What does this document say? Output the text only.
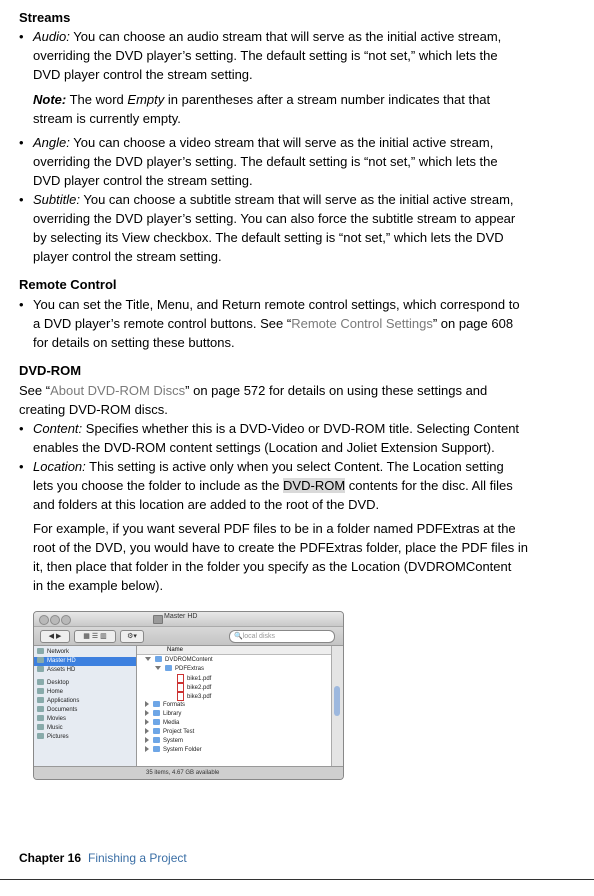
Streams
• Audio: You can choose an audio stream that will serve as the initial active stream,
overriding the DVD player’s setting. The default setting is “not set,” which lets the
DVD player control the stream setting.
Note: The word Empty in parentheses after a stream number indicates that that
stream is currently empty.
• Angle: You can choose a video stream that will serve as the initial active stream,
overriding the DVD player’s setting. The default setting is “not set,” which lets the
DVD player control the stream setting.
• Subtitle: You can choose a subtitle stream that will serve as the initial active stream,
overriding the DVD player’s setting. You can also force the subtitle stream to appear
by selecting its View checkbox. The default setting is “not set,” which lets the DVD
player control the stream setting.
Remote Control
• You can set the Title, Menu, and Return remote control settings, which correspond to
a DVD player’s remote control buttons. See “Remote Control Settings” on page 608
for details on setting these buttons.
DVD-ROM
See “About DVD-ROM Discs” on page 572 for details on using these settings and
creating DVD-ROM discs.
• Content: Specifies whether this is a DVD-Video or DVD-ROM title. Selecting Content
enables the DVD-ROM content settings (Location and Joliet Extension Support).
• Location: This setting is active only when you select Content. The Location setting
lets you choose the folder to include as the DVD-ROM contents for the disc. All files
and folders at this location are added to the root of the DVD.
For example, if you want several PDF files to be in a folder named PDFExtras at the
root of the DVD, you would have to create the PDFExtras folder, place the PDF files in
it, then place that folder in the folder you specify as the Location (DVDROMContent
in the example below).
Master HD
◀ ▶	▦ ☰ ▥	⚙▾	🔍local disks
Network
Master HD
Assets HD
Desktop
Home
Applications
Documents
Movies
Music
Pictures
Name
DVDROMContent
PDFExtras
bike1.pdf
bike2.pdf
bike3.pdf
Formats
Library
Media
Project Test
System
System Folder
35 items, 4.67 GB available
Chapter 16 Finishing a Project
